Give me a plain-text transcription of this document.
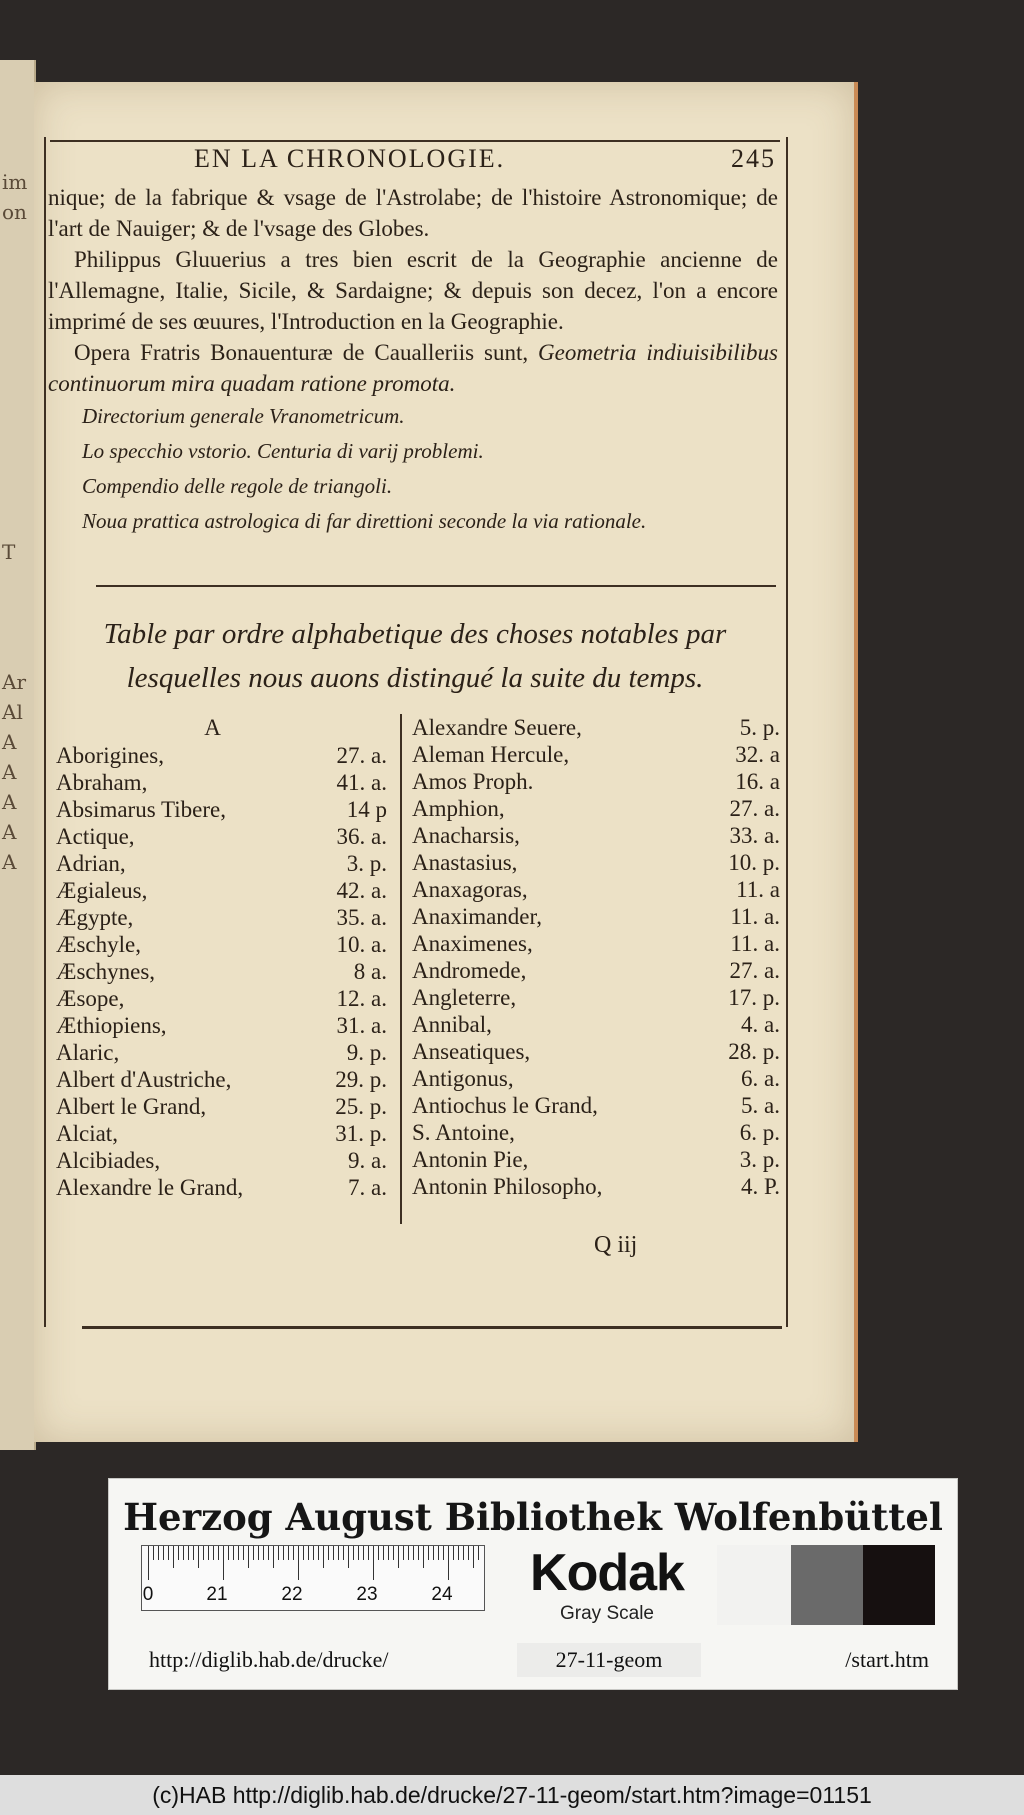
im
on
T
Ar
Al
A
A
A
A
A
EN LA CHRONOLOGIE.	245

nique; de la fabrique & vsage de l'Astrolabe; de l'histoire Astronomique; de l'art de Nauiger; & de l'vsage des Globes.

Philippus Gluuerius a tres bien escrit de la Geographie ancienne de l'Allemagne, Italie, Sicile, & Sardaigne; & depuis son decez, l'on a encore imprimé de ses œuures, l'Introduction en la Geographie.

Opera Fratris Bonauenturæ de Caualleriis sunt, Geometria indiuisibilibus continuorum mira quadam ratione promota.

Directorium generale Vranometricum.
Lo specchio vstorio. Centuria di varij problemi.
Compendio delle regole de triangoli.
Noua prattica astrologica di far direttioni seconde la via rationale.
Table par ordre alphabetique des choses notables par
lesquelles nous auons distingué la suite du temps.
A
Aborigines,	27. a.
Abraham,	41. a.
Absimarus Tibere,	14 p
Actique,	36. a.
Adrian,	3. p.
Ægialeus,	42. a.
Ægypte,	35. a.
Æschyle,	10. a.
Æschynes,	8 a.
Æsope,	12. a.
Æthiopiens,	31. a.
Alaric,	9. p.
Albert d'Austriche,	29. p.
Albert le Grand,	25. p.
Alciat,	31. p.
Alcibiades,	9. a.
Alexandre le Grand,	7. a.
Alexandre Seuere,	5. p.
Aleman Hercule,	32. a
Amos Proph.	16. a
Amphion,	27. a.
Anacharsis,	33. a.
Anastasius,	10. p.
Anaxagoras,	11. a
Anaximander,	11. a.
Anaximenes,	11. a.
Andromede,	27. a.
Angleterre,	17. p.
Annibal,	4. a.
Anseatiques,	28. p.
Antigonus,	6. a.
Antiochus le Grand,	5. a.
S. Antoine,	6. p.
Antonin Pie,	3. p.
Antonin Philosopho,	4. P.
Q iij
Herzog August Bibliothek Wolfenbüttel
0	21	22	23	24	Kodak
Gray Scale
http://diglib.hab.de/drucke/	27-11-geom	/start.htm
(c)HAB http://diglib.hab.de/drucke/27-11-geom/start.htm?image=01151
